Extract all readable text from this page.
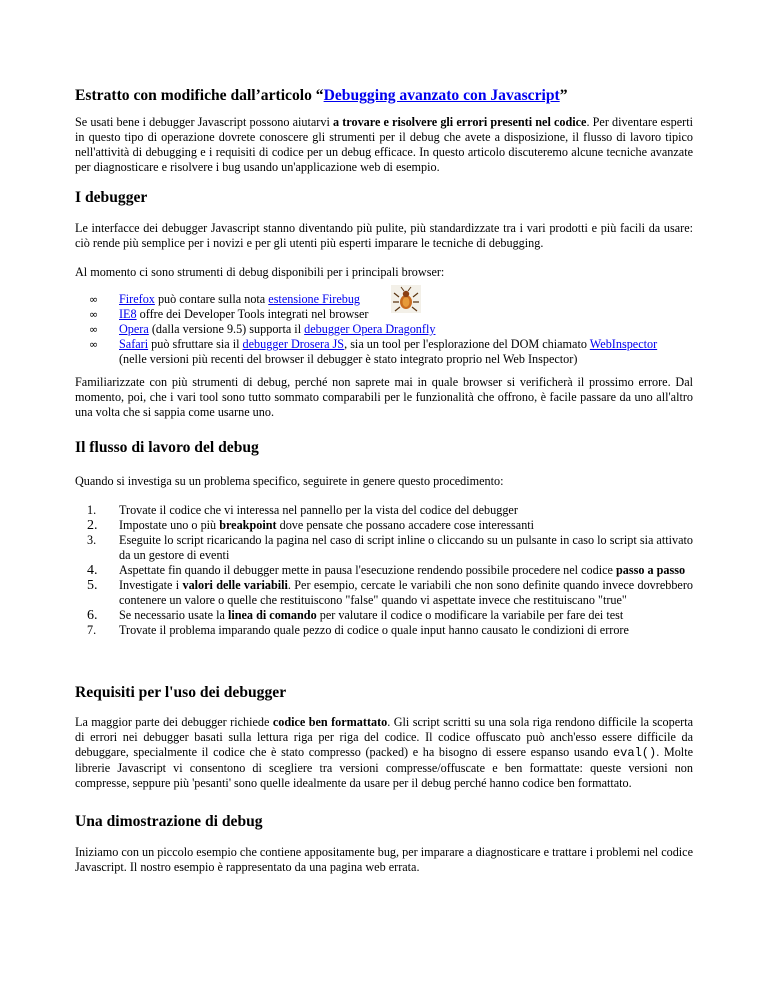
Estratto con modifiche dall’articolo “Debugging avanzato con Javascript”

Se usati bene i debugger Javascript possono aiutarvi a trovare e risolvere gli errori presenti nel codice. Per diventare esperti in questo tipo di operazione dovrete conoscere gli strumenti per il debug che avete a disposizione, il flusso di lavoro tipico nell'attività di debugging e i requisiti di codice per un debug efficace. In questo articolo discuteremo alcune tecniche avanzate per diagnosticare e risolvere i bug usando un'applicazione web di esempio.

I debugger

Le interfacce dei debugger Javascript stanno diventando più pulite, più standardizzate tra i vari prodotti e più facili da usare: ciò rende più semplice per i novizi e per gli utenti più esperti imparare le tecniche di debugging.

Al momento ci sono strumenti di debug disponibili per i principali browser:

∞	Firefox può contare sulla nota estensione Firebug
∞	IE8 offre dei Developer Tools integrati nel browser
∞	Opera (dalla versione 9.5) supporta il debugger Opera Dragonfly
∞	Safari può sfruttare sia il debugger Drosera JS, sia un tool per l'esplorazione del DOM chiamato WebInspector
(nelle versioni più recenti del browser il debugger è stato integrato proprio nel Web Inspector)

Familiarizzate con più strumenti di debug, perché non saprete mai in quale browser si verificherà il prossimo errore. Dal momento, poi, che i vari tool sono tutto sommato comparabili per le funzionalità che offrono, è facile passare da uno all'altro una volta che si sappia come usarne uno.

Il flusso di lavoro del debug

Quando si investiga su un problema specifico, seguirete in genere questo procedimento:

1.	Trovate il codice che vi interessa nel pannello per la vista del codice del debugger
2.	Impostate uno o più breakpoint dove pensate che possano accadere cose interessanti
3.	Eseguite lo script ricaricando la pagina nel caso di script inline o cliccando su un pulsante in caso lo script sia attivato da un gestore di eventi
4.	Aspettate fin quando il debugger mette in pausa l'esecuzione rendendo possibile procedere nel codice passo a passo
5.	Investigate i valori delle variabili. Per esempio, cercate le variabili che non sono definite quando invece dovrebbero contenere un valore o quelle che restituiscono "false" quando vi aspettate invece che restituiscano "true"
6.	Se necessario usate la linea di comando per valutare il codice o modificare la variabile per fare dei test
7.	Trovate il problema imparando quale pezzo di codice o quale input hanno causato le condizioni di errore
Requisiti per l'uso dei debugger

La maggior parte dei debugger richiede codice ben formattato. Gli script scritti su una sola riga rendono difficile la scoperta di errori nei debugger basati sulla lettura riga per riga del codice. Il codice offuscato può anch'esso essere difficile da debuggare, specialmente il codice che è stato compresso (packed) e ha bisogno di essere espanso usando eval(). Molte librerie Javascript vi consentono di scegliere tra versioni compresse/offuscate e ben formattate: queste versioni non compresse, seppure più 'pesanti' sono quelle idealmente da usare per il debug perché hanno codice ben formattato.

Una dimostrazione di debug

Iniziamo con un piccolo esempio che contiene appositamente bug, per imparare a diagnosticare e trattare i problemi nel codice Javascript. Il nostro esempio è rappresentato da una pagina web errata.
